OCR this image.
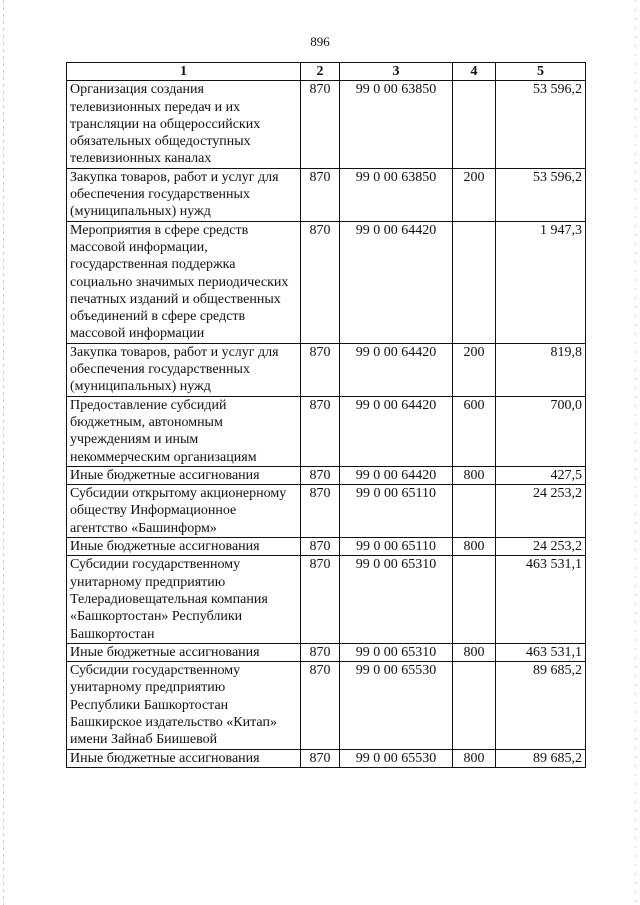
896
1	2	3	4	5
Организация создания телевизионных передач и их трансляции на общероссийских обязательных общедоступных телевизионных каналах	870	99 0 00 63850		53 596,2
Закупка товаров, работ и услуг для обеспечения государственных (муниципальных) нужд	870	99 0 00 63850	200	53 596,2
Мероприятия в сфере средств массовой информации, государственная поддержка социально значимых периодических печатных изданий и общественных объединений в сфере средств массовой информации	870	99 0 00 64420		1 947,3
Закупка товаров, работ и услуг для обеспечения государственных (муниципальных) нужд	870	99 0 00 64420	200	819,8
Предоставление субсидий бюджетным, автономным учреждениям и иным некоммерческим организациям	870	99 0 00 64420	600	700,0
Иные бюджетные ассигнования	870	99 0 00 64420	800	427,5
Субсидии открытому акционерному обществу Информационное агентство «Башинформ»	870	99 0 00 65110		24 253,2
Иные бюджетные ассигнования	870	99 0 00 65110	800	24 253,2
Субсидии государственному унитарному предприятию Телерадиовещательная компания «Башкортостан» Республики Башкортостан	870	99 0 00 65310		463 531,1
Иные бюджетные ассигнования	870	99 0 00 65310	800	463 531,1
Субсидии государственному унитарному предприятию Республики Башкортостан Башкирское издательство «Китап» имени Зайнаб Биишевой	870	99 0 00 65530		89 685,2
Иные бюджетные ассигнования	870	99 0 00 65530	800	89 685,2
